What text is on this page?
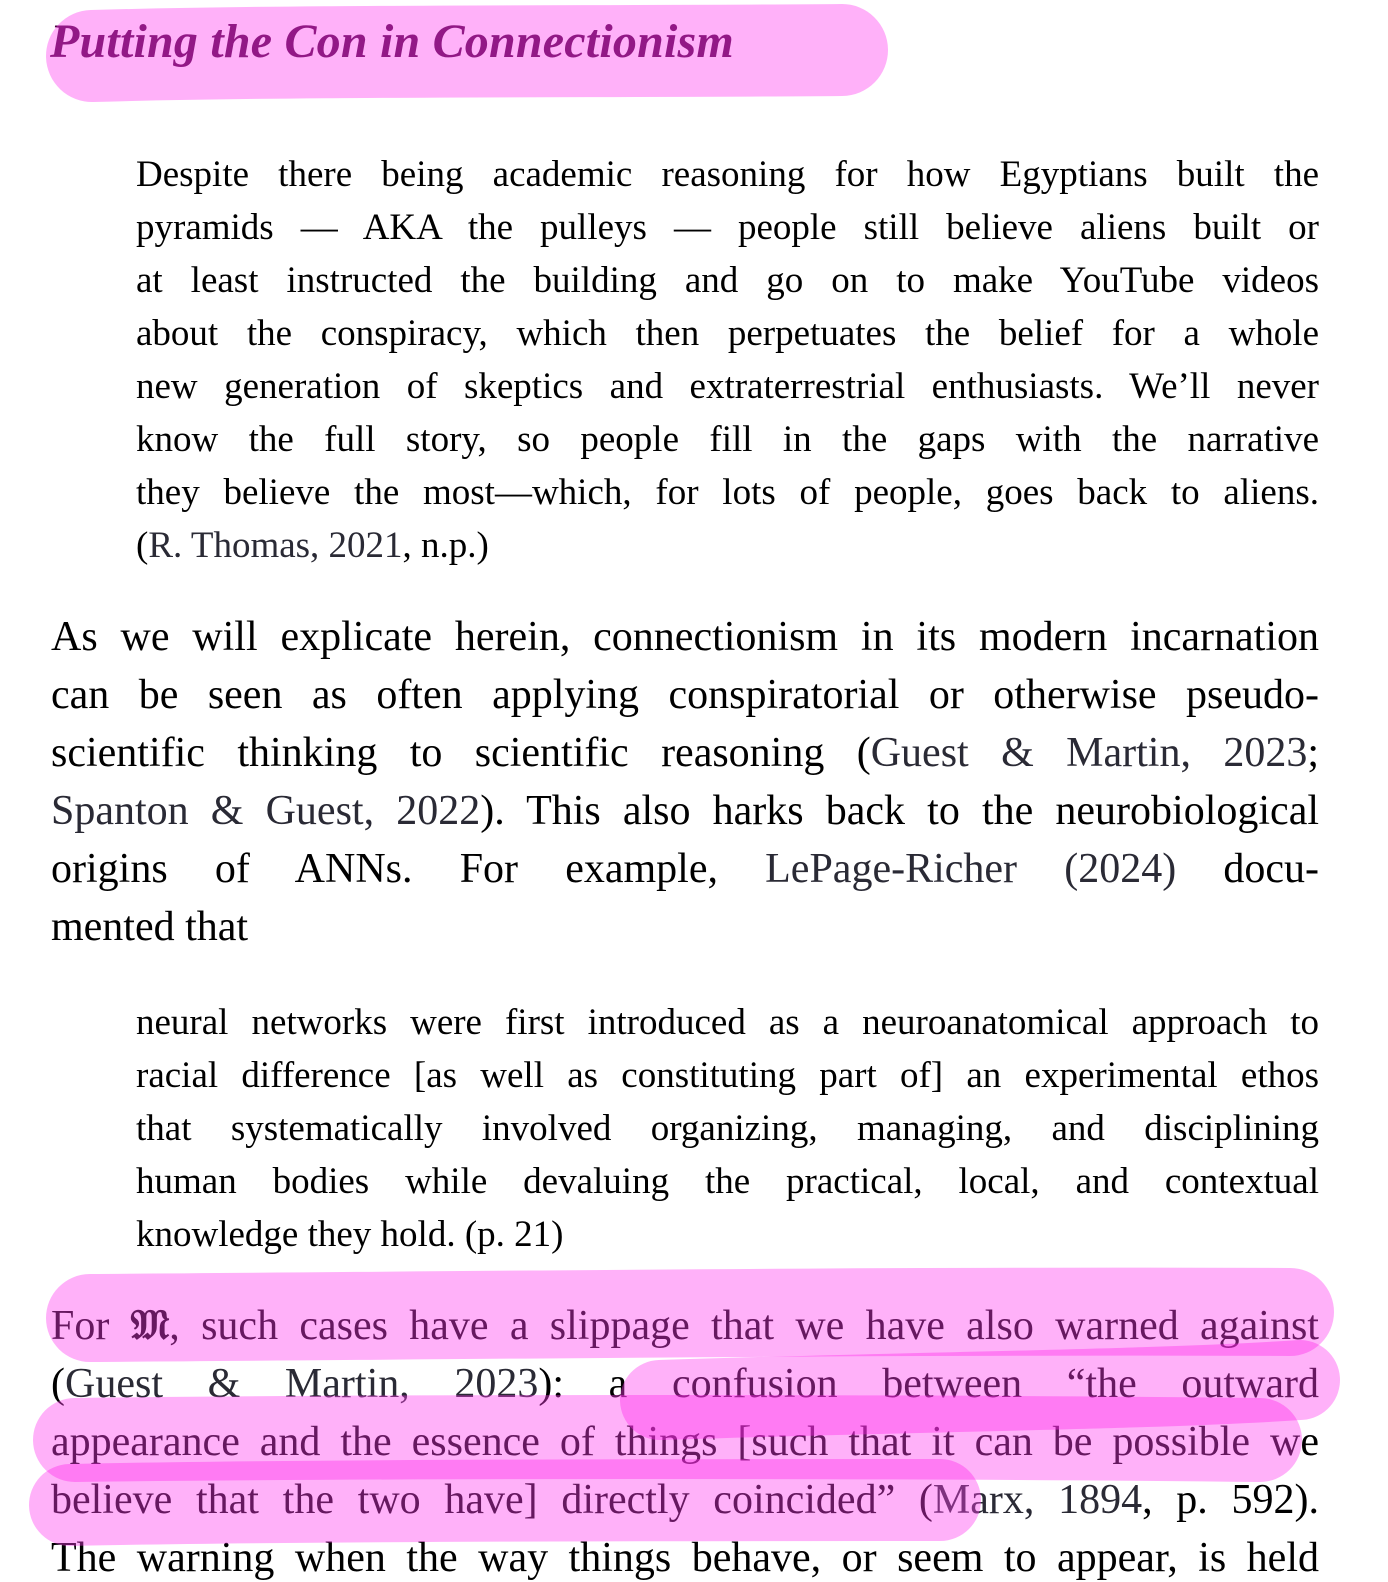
Putting the Con in Connectionism
Despite there being academic reasoning for how Egyptians built the
pyramids — AKA the pulleys — people still believe aliens built or
at least instructed the building and go on to make YouTube videos
about the conspiracy, which then perpetuates the belief for a whole
new generation of skeptics and extraterrestrial enthusiasts. We’ll never
know the full story, so people fill in the gaps with the narrative
they believe the most—which, for lots of people, goes back to aliens.
(R. Thomas, 2021, n.p.)
As we will explicate herein, connectionism in its modern incarnation
can be seen as often applying conspiratorial or otherwise pseudo-
scientific thinking to scientific reasoning (Guest & Martin, 2023;
Spanton & Guest, 2022). This also harks back to the neurobiological
origins of ANNs. For example, LePage-Richer (2024) docu-
mented that
neural networks were first introduced as a neuroanatomical approach to
racial difference [as well as constituting part of] an experimental ethos
that systematically involved organizing, managing, and disciplining
human bodies while devaluing the practical, local, and contextual
knowledge they hold. (p. 21)
For 𝔐, such cases have a slippage that we have also warned against
(Guest & Martin, 2023): a confusion between “the outward
appearance and the essence of things [such that it can be possible we
believe that the two have] directly coincided” (Marx, 1894, p. 592).
The warning when the way things behave, or seem to appear, is held
